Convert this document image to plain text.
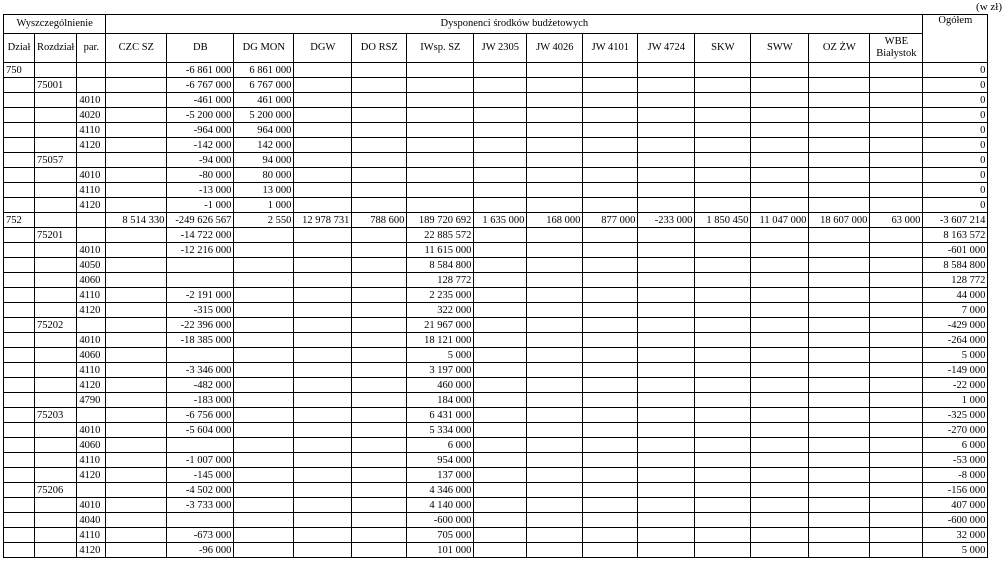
(w zł)
Wyszczególnienie			Dysponenci środków budżetowych														Ogółem
Dział	Rozdział	par.	CZC SZ	DB	DG MON	DGW	DO RSZ	IWsp. SZ	JW 2305	JW 4026	JW 4101	JW 4724	SKW	SWW	OZ ŻW	WBE Białystok	
750				-6 861 000	6 861 000												0
	75001			-6 767 000	6 767 000												0
		4010		-461 000	461 000												0
		4020		-5 200 000	5 200 000												0
		4110		-964 000	964 000												0
		4120		-142 000	142 000												0
	75057			-94 000	94 000												0
		4010		-80 000	80 000												0
		4110		-13 000	13 000												0
		4120		-1 000	1 000												0
752			8 514 330	-249 626 567	2 550	12 978 731	788 600	189 720 692	1 635 000	168 000	877 000	-233 000	1 850 450	11 047 000	18 607 000	63 000	-3 607 214
	75201			-14 722 000				22 885 572									8 163 572
		4010		-12 216 000				11 615 000									-601 000
		4050						8 584 800									8 584 800
		4060						128 772									128 772
		4110		-2 191 000				2 235 000									44 000
		4120		-315 000				322 000									7 000
	75202			-22 396 000				21 967 000									-429 000
		4010		-18 385 000				18 121 000									-264 000
		4060						5 000									5 000
		4110		-3 346 000				3 197 000									-149 000
		4120		-482 000				460 000									-22 000
		4790		-183 000				184 000									1 000
	75203			-6 756 000				6 431 000									-325 000
		4010		-5 604 000				5 334 000									-270 000
		4060						6 000									6 000
		4110		-1 007 000				954 000									-53 000
		4120		-145 000				137 000									-8 000
	75206			-4 502 000				4 346 000									-156 000
		4010		-3 733 000				4 140 000									407 000
		4040						-600 000									-600 000
		4110		-673 000				705 000									32 000
		4120		-96 000				101 000									5 000
